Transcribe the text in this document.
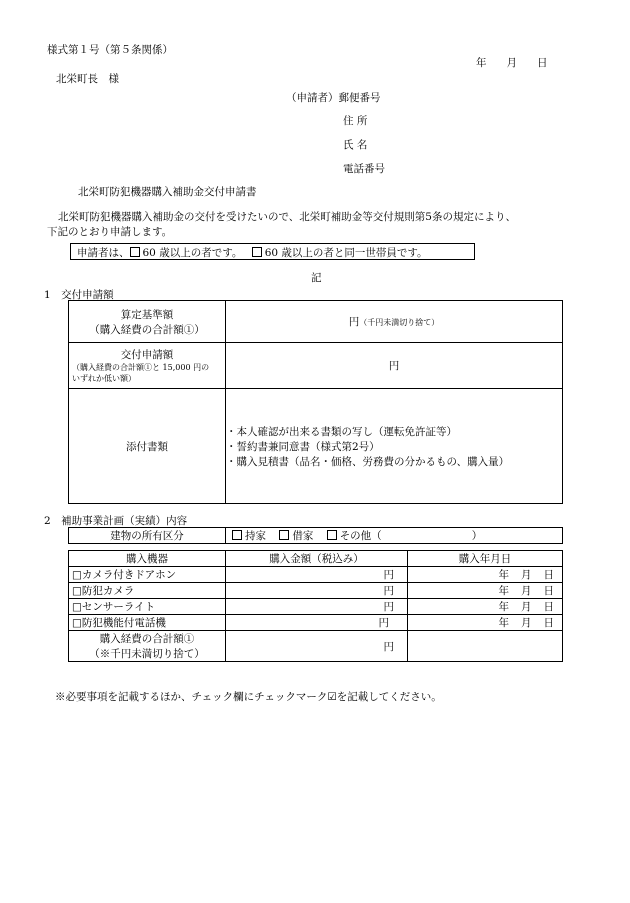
様式第１号（第５条関係）
年 月 日
北栄町長　様
（申請者）郵便番号
住 所
氏 名
電話番号
北栄町防犯機器購入補助金交付申請書
北栄町防犯機器購入補助金の交付を受けたいので、北栄町補助金等交付規則第5条の規定により、
下記のとおり申請します。
申請者は、 60 歳以上の者です。 60 歳以上の者と同一世帯員です。
記
1　交付申請額
算定基準額
（購入経費の合計額①）	円（千円未満切り捨て）

交付申請額
（購入経費の合計額①と 15,000 円の
いずれか低い額）	円
添付書類	・本人確認が出来る書類の写し（運転免許証等）
・誓約書兼同意書（様式第2号）
・購入見積書（品名・価格、労務費の分かるもの、購入量）
2　補助事業計画（実績）内容
建物の所有区分	持家	借家	その他（	）
購入機器	購入金額（税込み）	購入年月日
□カメラ付きドアホン	円	年 月 日
□防犯カメラ	円	年 月 日
□センサーライト	円	年 月 日
□防犯機能付電話機	円	年 月 日

購入経費の合計額①
（※千円未満切り捨て）	円	
※必要事項を記載するほか、チェック欄にチェックマーク☑を記載してください。
